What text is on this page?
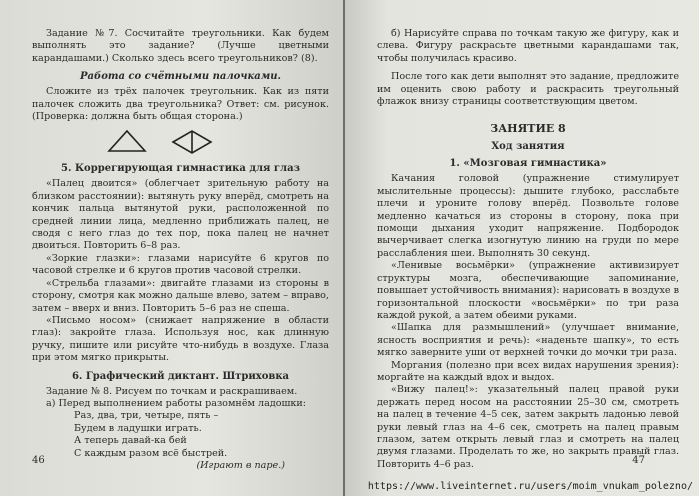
Задание №7. Сосчитайте треугольники. Как будем выполнять это задание? (Лучше цветными карандашами.) Сколько здесь всего треугольников? (8).

Работа со счётными палочками.

Сложите из трёх палочек треугольник. Как из пяти палочек сложить два треугольника? Ответ: см. рисунок. (Проверка: должна быть общая сторона.)

5. Коррегирующая гимнастика для глаз

«Палец двоится» (облегчает зрительную работу на близком расстоянии): вытянуть руку вперёд, смотреть на кончик пальца вытянутой руки, расположенной по средней линии лица, медленно приближать палец, не сводя с него глаз до тех пор, пока палец не начнет двоиться. Повторить 6–8 раз.

«Зоркие глазки»: глазами нарисуйте 6 кругов по часовой стрелке и 6 кругов против часовой стрелки.

«Стрельба глазами»: двигайте глазами из стороны в сторону, смотря как можно дальше влево, затем – вправо, затем – вверх и вниз. Повторить 5–6 раз не спеша.

«Письмо носом» (снижает напряжение в области глаз): закройте глаза. Используя нос, как длинную ручку, пишите или рисуйте что-нибудь в воздухе. Глаза при этом мягко прикрыты.

6. Графический диктант. Штриховка

Задание № 8. Рисуем по точкам и раскрашиваем.

а) Перед выполнением работы разомнём ладошки:

Раз, два, три, четыре, пять –
Будем в ладушки играть.
А теперь давай-ка бей
С каждым разом всё быстрей.
(Играют в паре.)
46

б) Нарисуйте справа по точкам такую же фигуру, как и слева. Фигуру раскрасьте цветными карандашами так, чтобы получилась красиво.

После того как дети выполнят это задание, предложите им оценить свою работу и раскрасить треугольный флажок внизу страницы соответствующим цветом.

ЗАНЯТИЕ 8
Ход занятия
1. «Мозговая гимнастика»

Качания головой (упражнение стимулирует мыслительные процессы): дышите глубоко, расслабьте плечи и уроните голову вперёд. Позвольте голове медленно качаться из стороны в сторону, пока при помощи дыхания уходит напряжение. Подбородок вычерчивает слегка изогнутую линию на груди по мере расслабления шеи. Выполнять 30 секунд.

«Ленивые восьмёрки» (упражнение активизирует структуры мозга, обеспечивающие запоминание, повышает устойчивость внимания): нарисовать в воздухе в горизонтальной плоскости «восьмёрки» по три раза каждой рукой, а затем обеими руками.

«Шапка для размышлений» (улучшает внимание, ясность восприятия и речь): «наденьте шапку», то есть мягко заверните уши от верхней точки до мочки три раза.

Моргания (полезно при всех видах нарушения зрения): моргайте на каждый вдох и выдох.

«Вижу палец!»: указательный палец правой руки держать перед носом на расстоянии 25–30 см, смотреть на палец в течение 4–5 сек, затем закрыть ладонью левой руки левый глаз на 4–6 сек, смотреть на палец правым глазом, затем открыть левый глаз и смотреть на палец двумя глазами. Проделать то же, но закрыть правый глаз. Повторить 4–6 раз.	47
https://www.liveinternet.ru/users/moim_vnukam_polezno/
